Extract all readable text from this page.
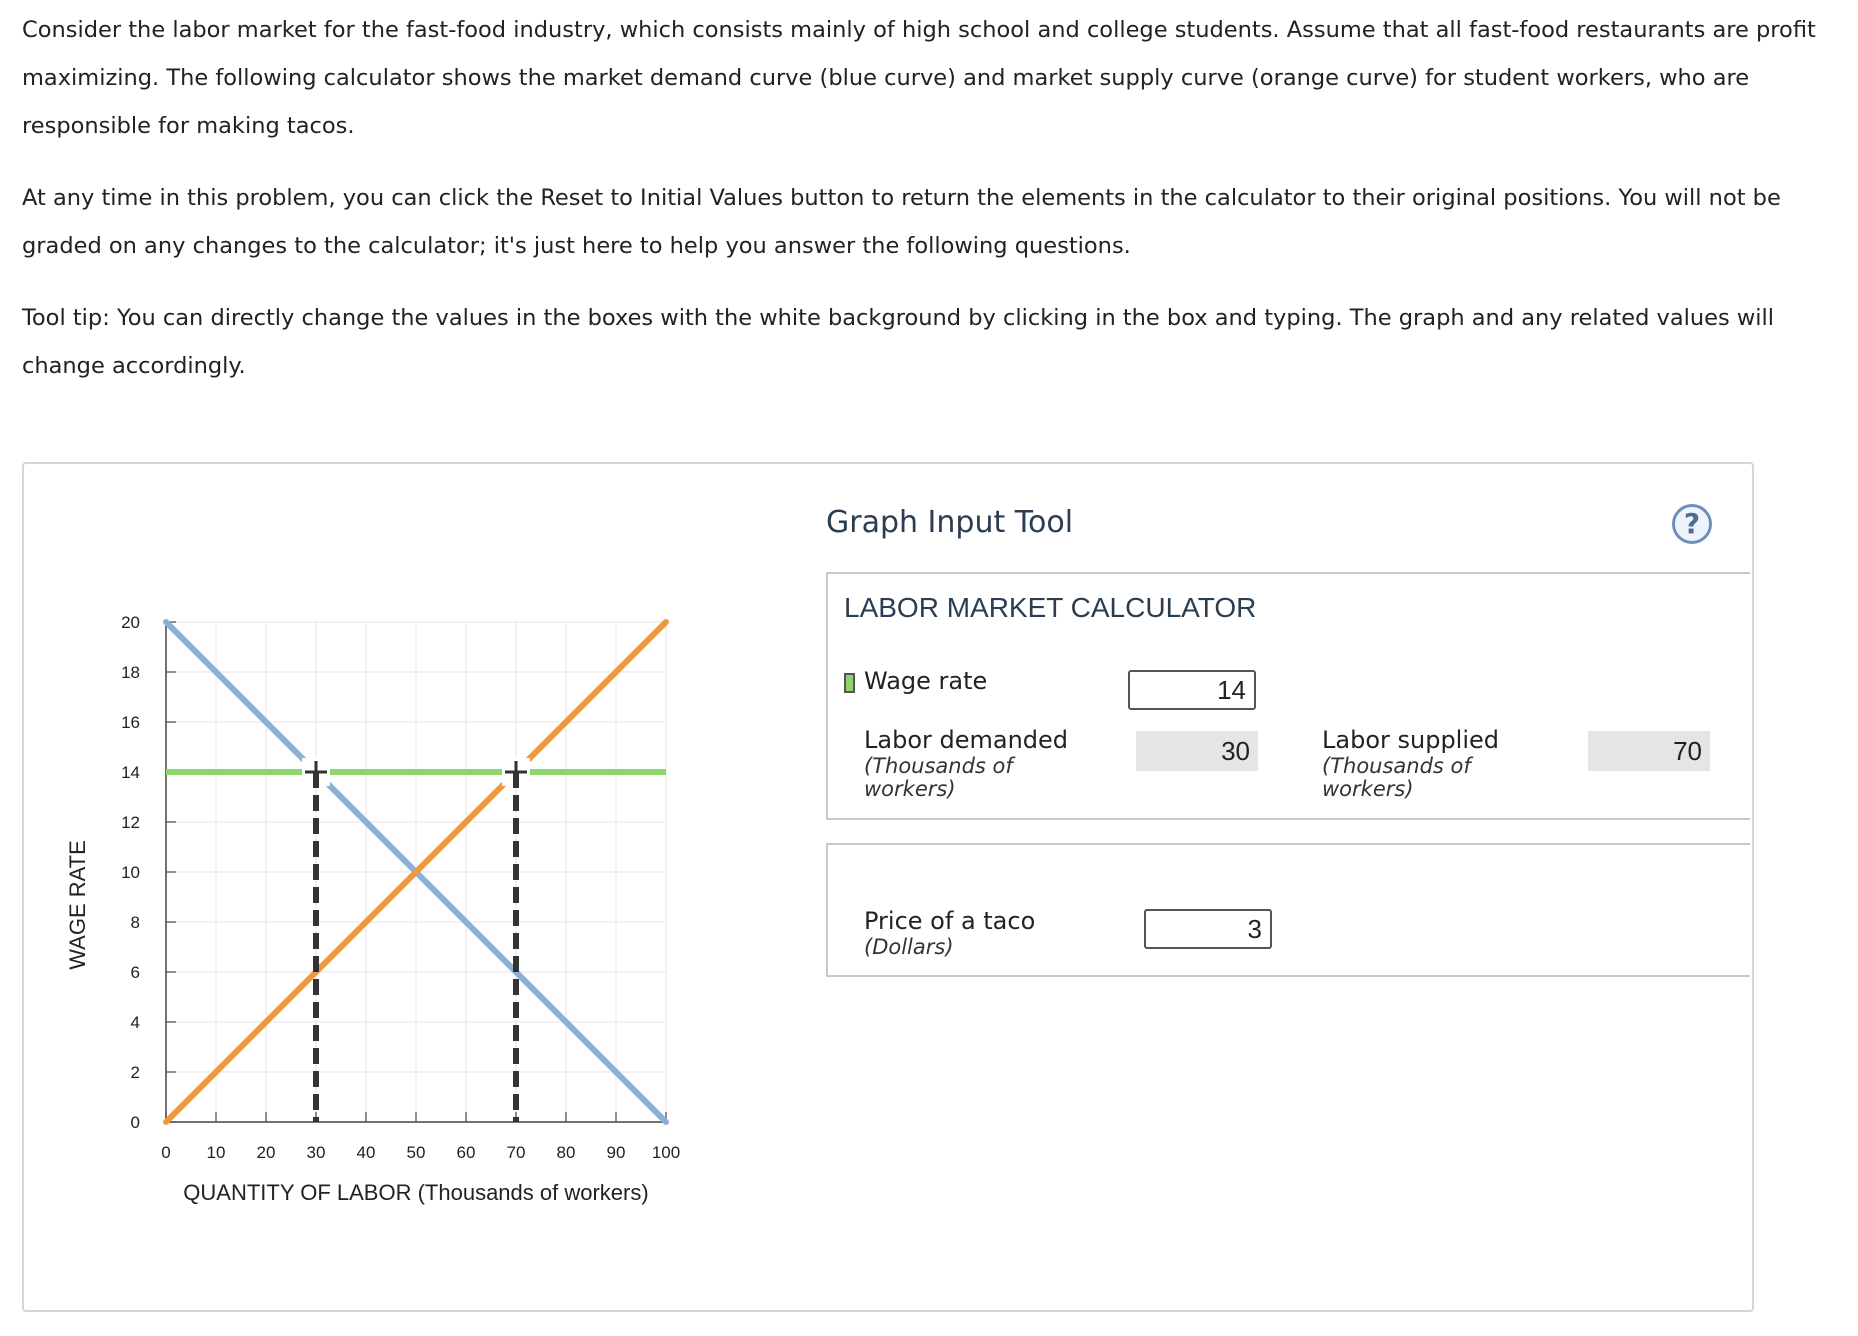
Consider the labor market for the fast-food industry, which consists mainly of high school and college students. Assume that all fast-food restaurants are profit maximizing. The following calculator shows the market demand curve (blue curve) and market supply curve (orange curve) for student workers, who are responsible for making tacos.

At any time in this problem, you can click the Reset to Initial Values button to return the elements in the calculator to their original positions. You will not be graded on any changes to the calculator; it's just here to help you answer the following questions.

Tool tip: You can directly change the values in the boxes with the white background by clicking in the box and typing. The graph and any related values will change accordingly.

0
2
4
6
8
10
12
14
16
18
20
0 10 20 30 40 50 60 70 80 90 100
WAGE RATE
QUANTITY OF LABOR (Thousands of workers)
Graph Input Tool	?
LABOR MARKET CALCULATOR
Wage rate	14
Labor demanded
(Thousands of
workers)
30	Labor supplied
(Thousands of
workers)
70
Price of a taco
(Dollars)
3
